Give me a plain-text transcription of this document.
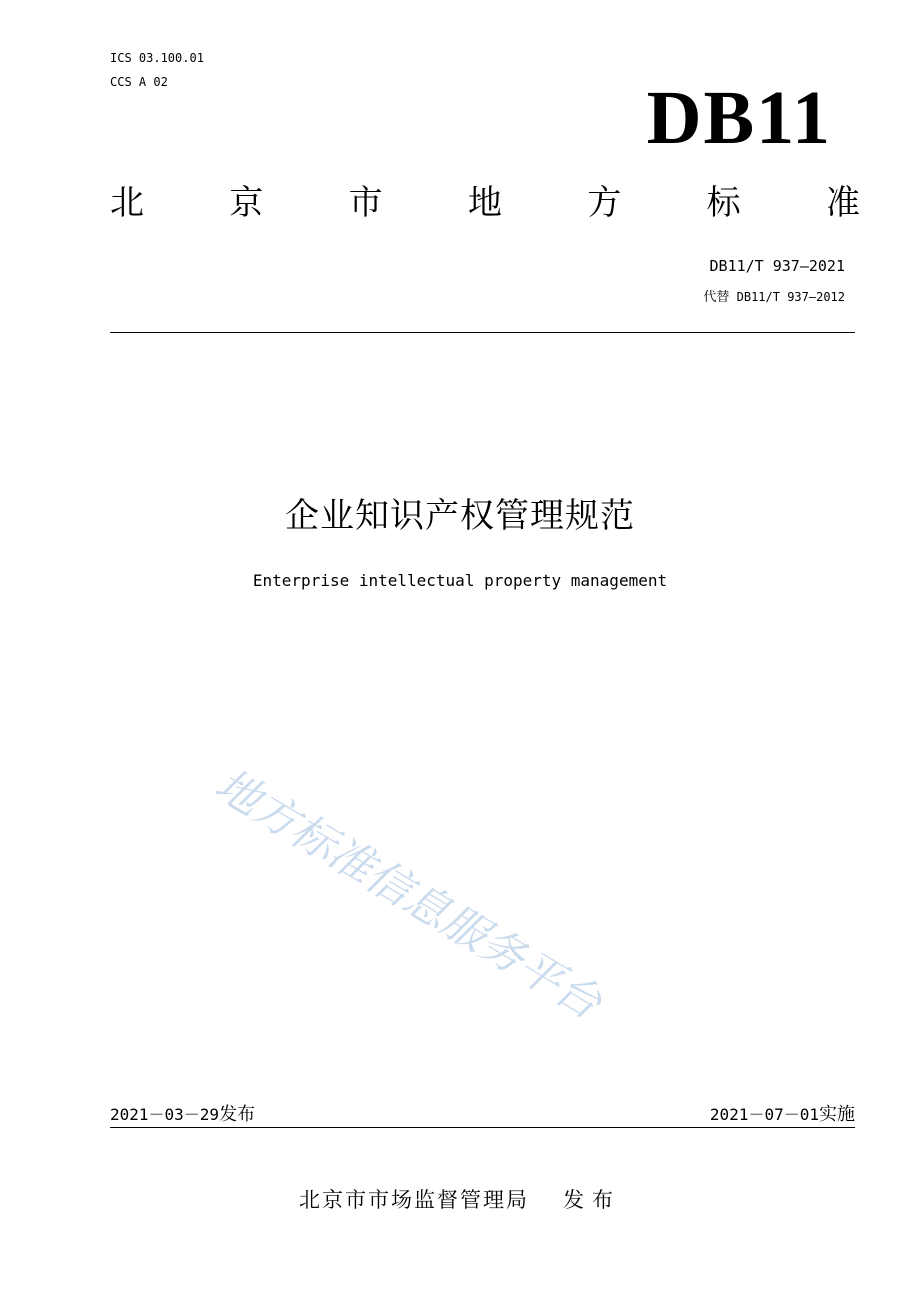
ICS 03.100.01
CCS A 02	DB11
北	京	市	地	方	标	准
DB11/T 937—2021
代替 DB11/T 937—2012
企业知识产权管理规范
Enterprise intellectual property management
地方标准信息服务平台
2021－03－29发布	2021－07－01实施
北京市市场监督管理局 发布
